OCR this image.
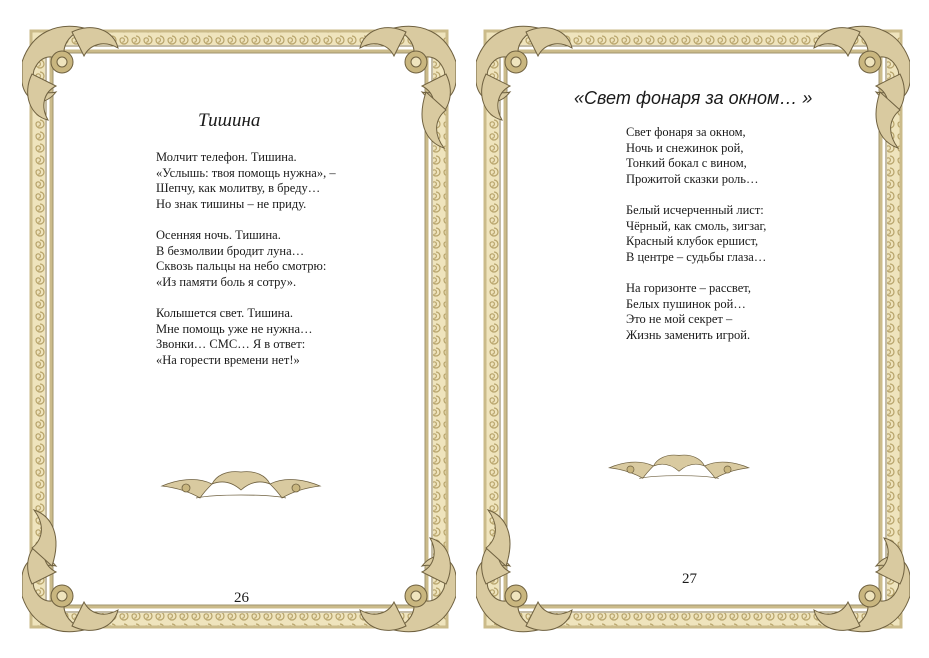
Тишина
Молчит телефон. Тишина.
«Услышь: твоя помощь нужна», –
Шепчу, как молитву, в бреду…
Но знак тишины – не приду.
Осенняя ночь. Тишина.
В безмолвии бродит луна…
Сквозь пальцы на небо смотрю:
«Из памяти боль я сотру».
Колышется свет. Тишина.
Мне помощь уже не нужна…
Звонки… СМС… Я в ответ:
«На горести времени нет!»
26
«Свет фонаря за окном… »
Свет фонаря за окном,
Ночь и снежинок рой,
Тонкий бокал с вином,
Прожитой сказки роль…
Белый исчерченный лист:
Чёрный, как смоль, зигзаг,
Красный клубок ершист,
В центре – судьбы глаза…
На горизонте – рассвет,
Белых пушинок рой…
Это не мой секрет –
Жизнь заменить игрой.
27
